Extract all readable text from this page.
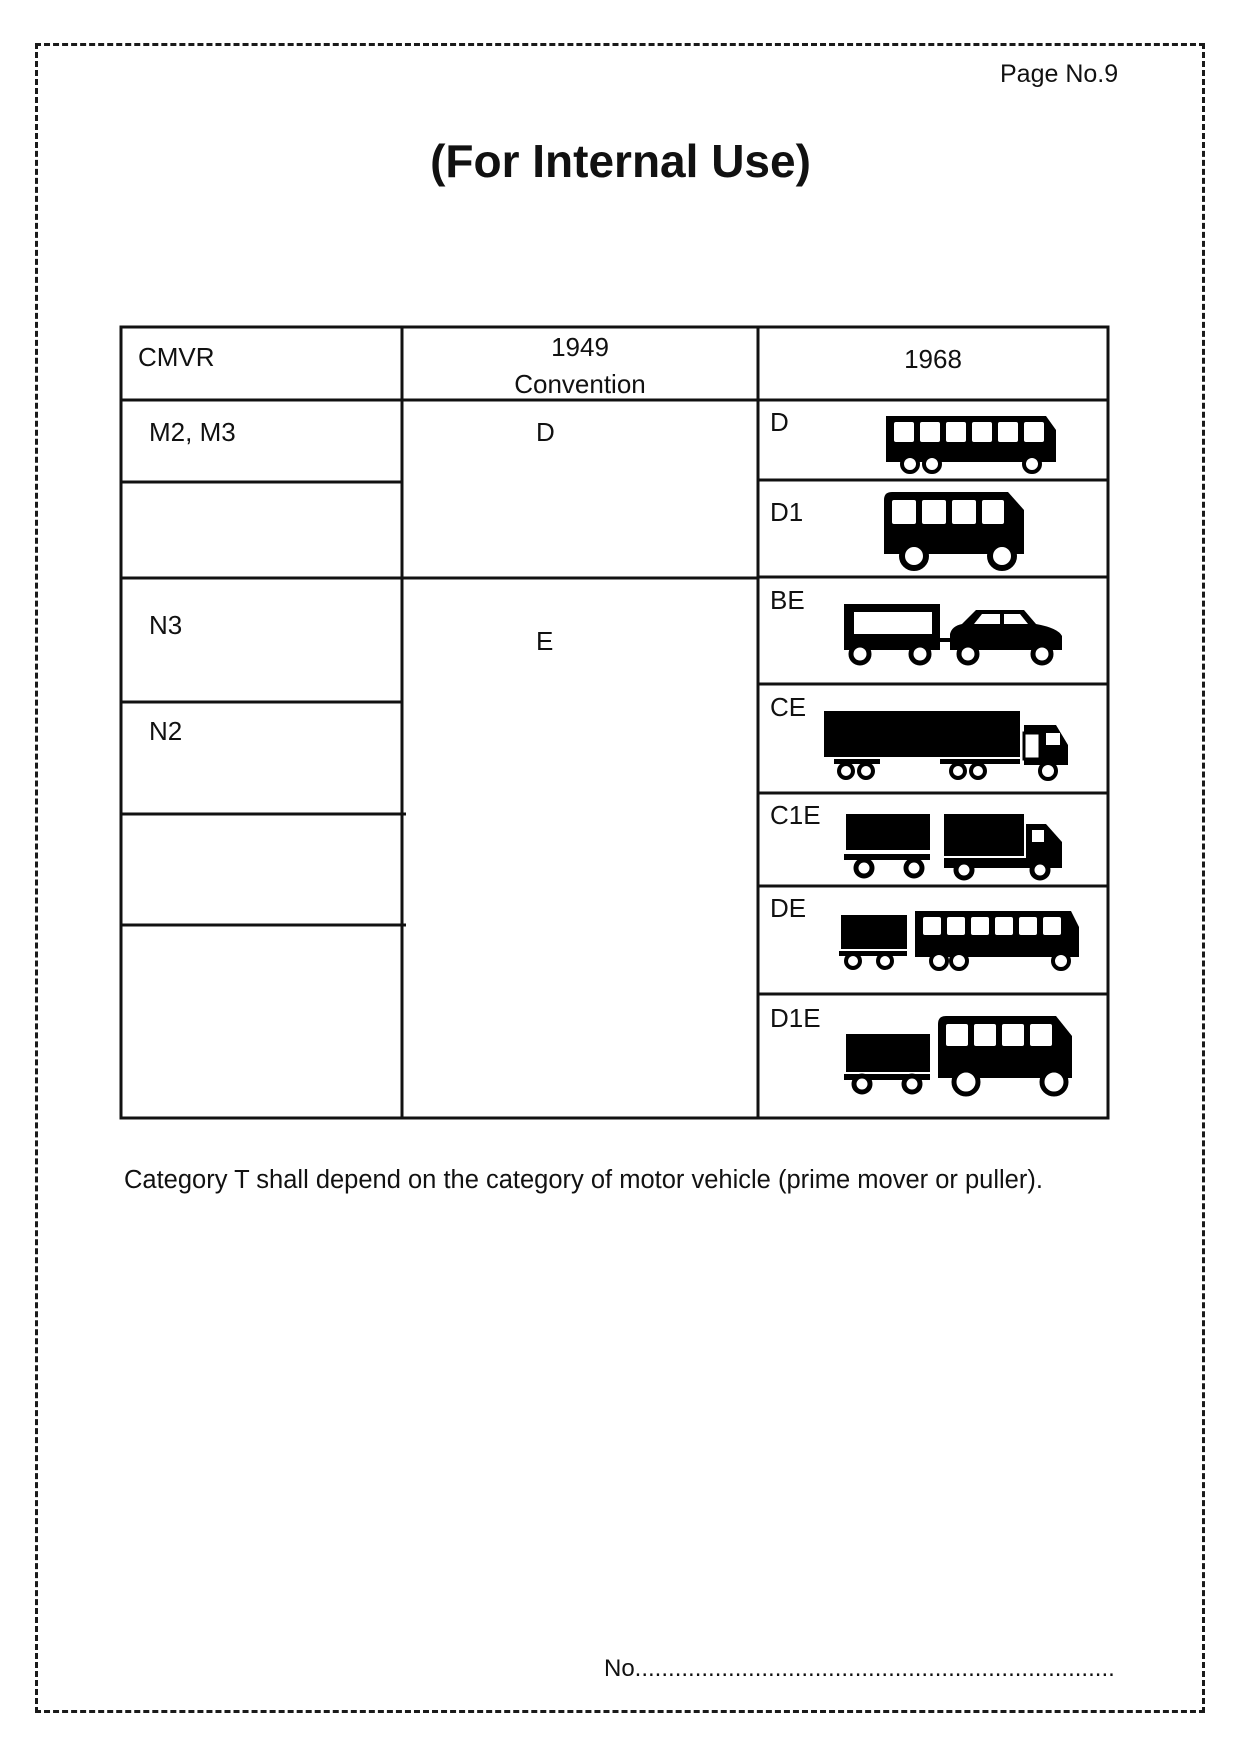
Page No.9
(For Internal Use)
CMVR	1949
Convention
1968
M2, M3
N3
N2
D
E
D
D1
BE
CE
C1E
DE
D1E
Category T shall depend on the category of motor vehicle (prime mover or puller).
No........................................................................
